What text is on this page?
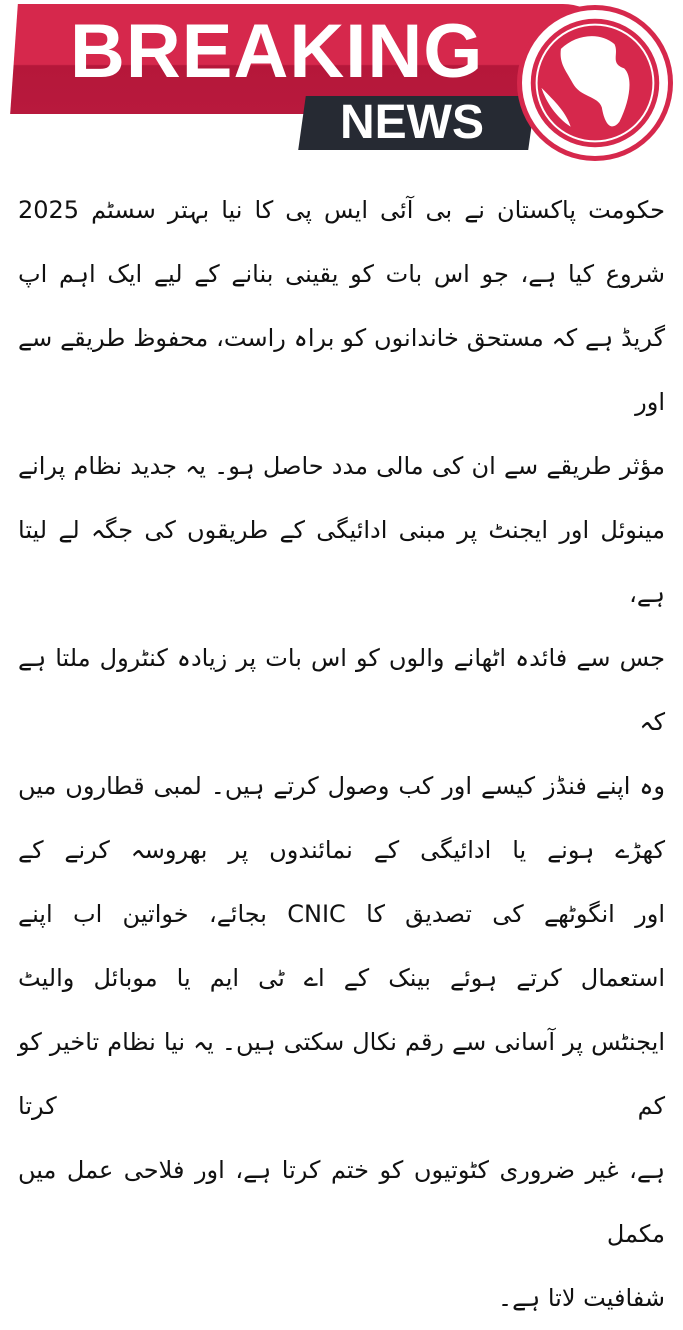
BREAKING
NEWS
حکومت پاکستان نے بی آئی ایس پی کا نیا بہتر سسٹم 2025
شروع کیا ہے، جو اس بات کو یقینی بنانے کے لیے ایک اہم اپ
گریڈ ہے کہ مستحق خاندانوں کو براہ راست، محفوظ طریقے سے اور
مؤثر طریقے سے ان کی مالی مدد حاصل ہو۔ یہ جدید نظام پرانے
مینوئل اور ایجنٹ پر مبنی ادائیگی کے طریقوں کی جگہ لے لیتا ہے،
جس سے فائدہ اٹھانے والوں کو اس بات پر زیادہ کنٹرول ملتا ہے کہ
وہ اپنے فنڈز کیسے اور کب وصول کرتے ہیں۔ لمبی قطاروں میں
کھڑے ہونے یا ادائیگی کے نمائندوں پر بھروسہ کرنے کے
اور انگوٹھے کی تصدیق کا CNIC بجائے، خواتین اب اپنے
استعمال کرتے ہوئے بینک کے اے ٹی ایم یا موبائل والیٹ
ایجنٹس پر آسانی سے رقم نکال سکتی ہیں۔ یہ نیا نظام تاخیر کو کم کرتا
ہے، غیر ضروری کٹوتیوں کو ختم کرتا ہے، اور فلاحی عمل میں مکمل
شفافیت لاتا ہے۔
